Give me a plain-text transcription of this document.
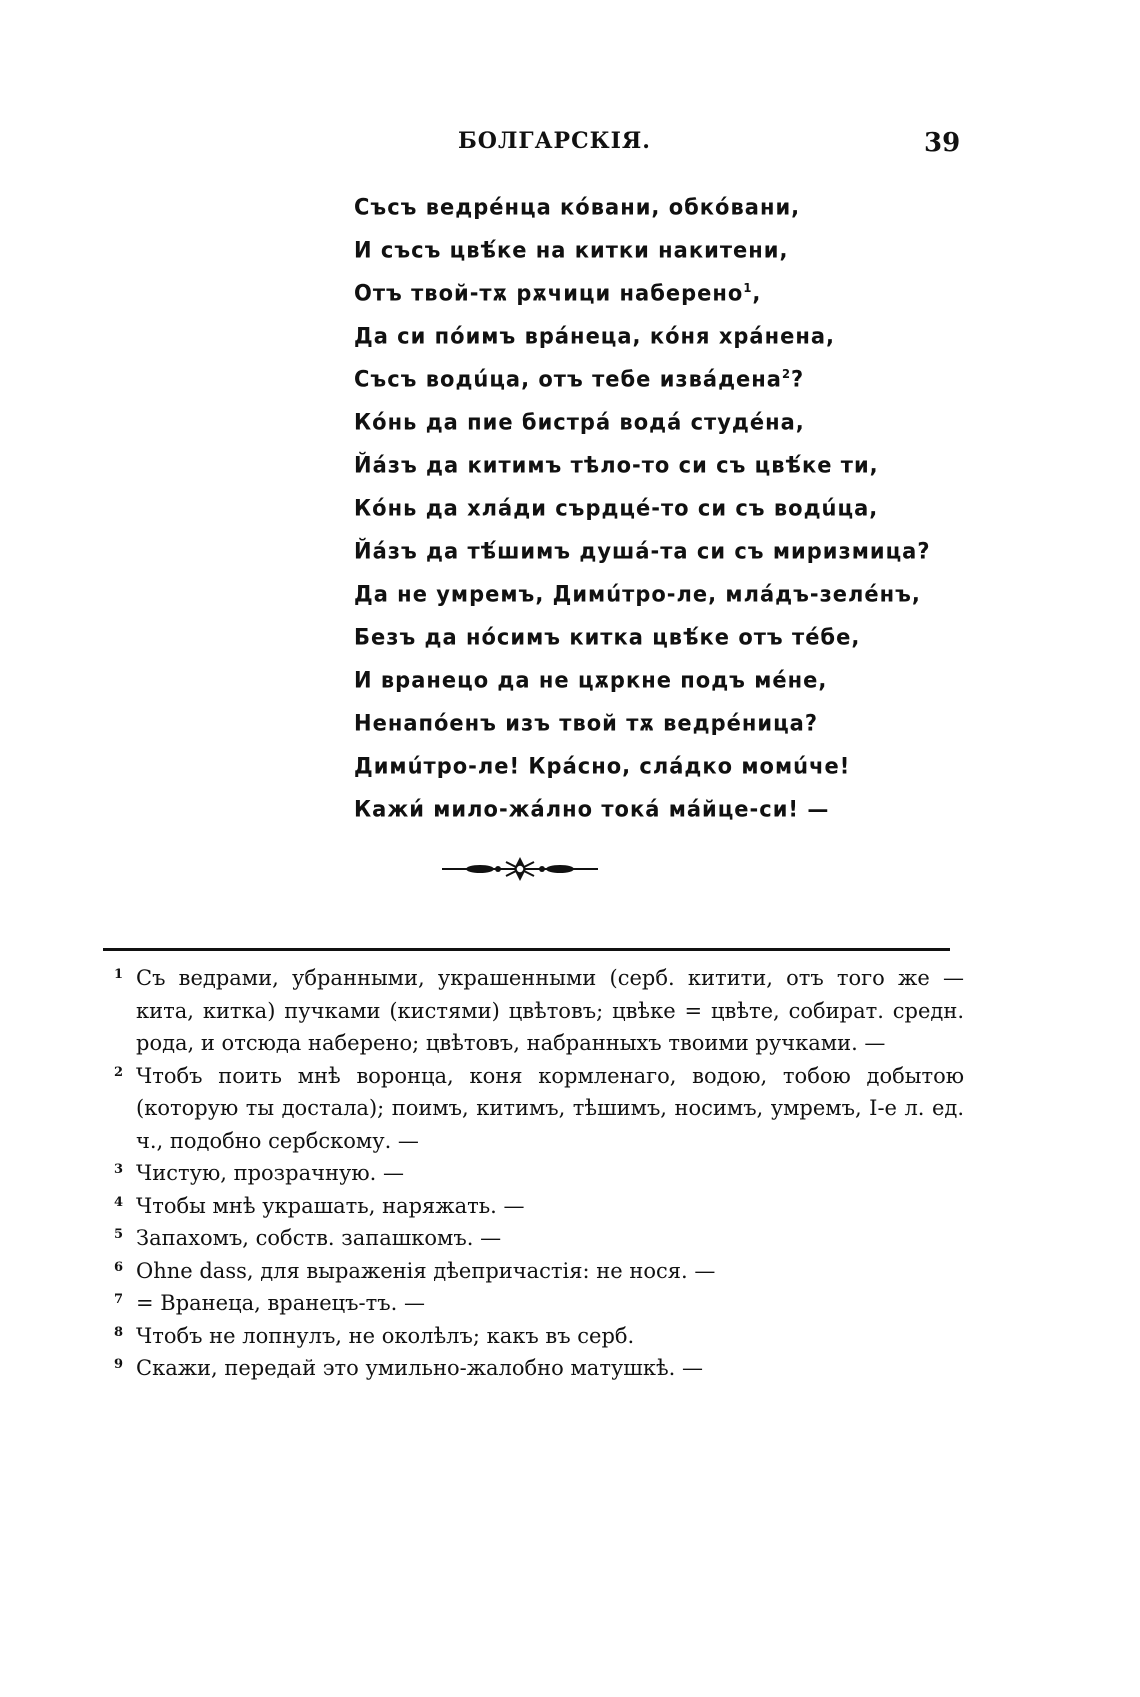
БОЛГАРСКІЯ.	39
Съсъ ведрéнца кóвани, обкóвани,
И съсъ цвѣ́ке на китки накитени,
Отъ твой-тѫ рѫчици наберено$^1$,
Да си пóимъ врáнеца, кóня хрáнена,
Съсъ водúца, отъ тебе извáдена$^2$?
Кóнь да пие бистрá водá студéна,
Йáзъ да китимъ тѣло-то си съ цвѣ́ке ти,
Кóнь да хлáди сърдцé-то си съ водúца,
Йáзъ да тѣ́шимъ душá-та си съ миризмица?
Да не умремъ, Димúтро-ле, млáдъ-зелéнъ,
Безъ да нóсимъ китка цвѣ́ке отъ тéбе,
И вранецо да не цѫркне подъ мéне,
Ненапóенъ изъ твой тѫ ведрéница?
Димúтро-ле! Крáсно, слáдко момúче!
Кажи́ мило-жáлно тока́ мáйце-си! —
1 Съ ведрами, убранными, украшенными (серб. китити, отъ того же — кита, китка) пучками (кистями) цвѣтовъ; цвѣке = цвѣте, собират. средн. рода, и отсюда наберено; цвѣтовъ, набранныхъ твоими ручками. —
2 Чтобъ поить мнѣ воронца, коня кормленаго, водою, тобою добытою (которую ты достала); поимъ, китимъ, тѣшимъ, носимъ, умремъ, I-е л. ед. ч., подобно сербскому. —
3 Чистую, прозрачную. —
4 Чтобы мнѣ украшать, наряжать. —
5 Запахомъ, собств. запашкомъ. —
6 Ohne dass, для выраженія дѣепричастія: не нося. —
7 = Вранеца, вранецъ-тъ. —
8 Чтобъ не лопнулъ, не околѣлъ; какъ въ серб.
9 Скажи, передай это умильно-жалобно матушкѣ. —
